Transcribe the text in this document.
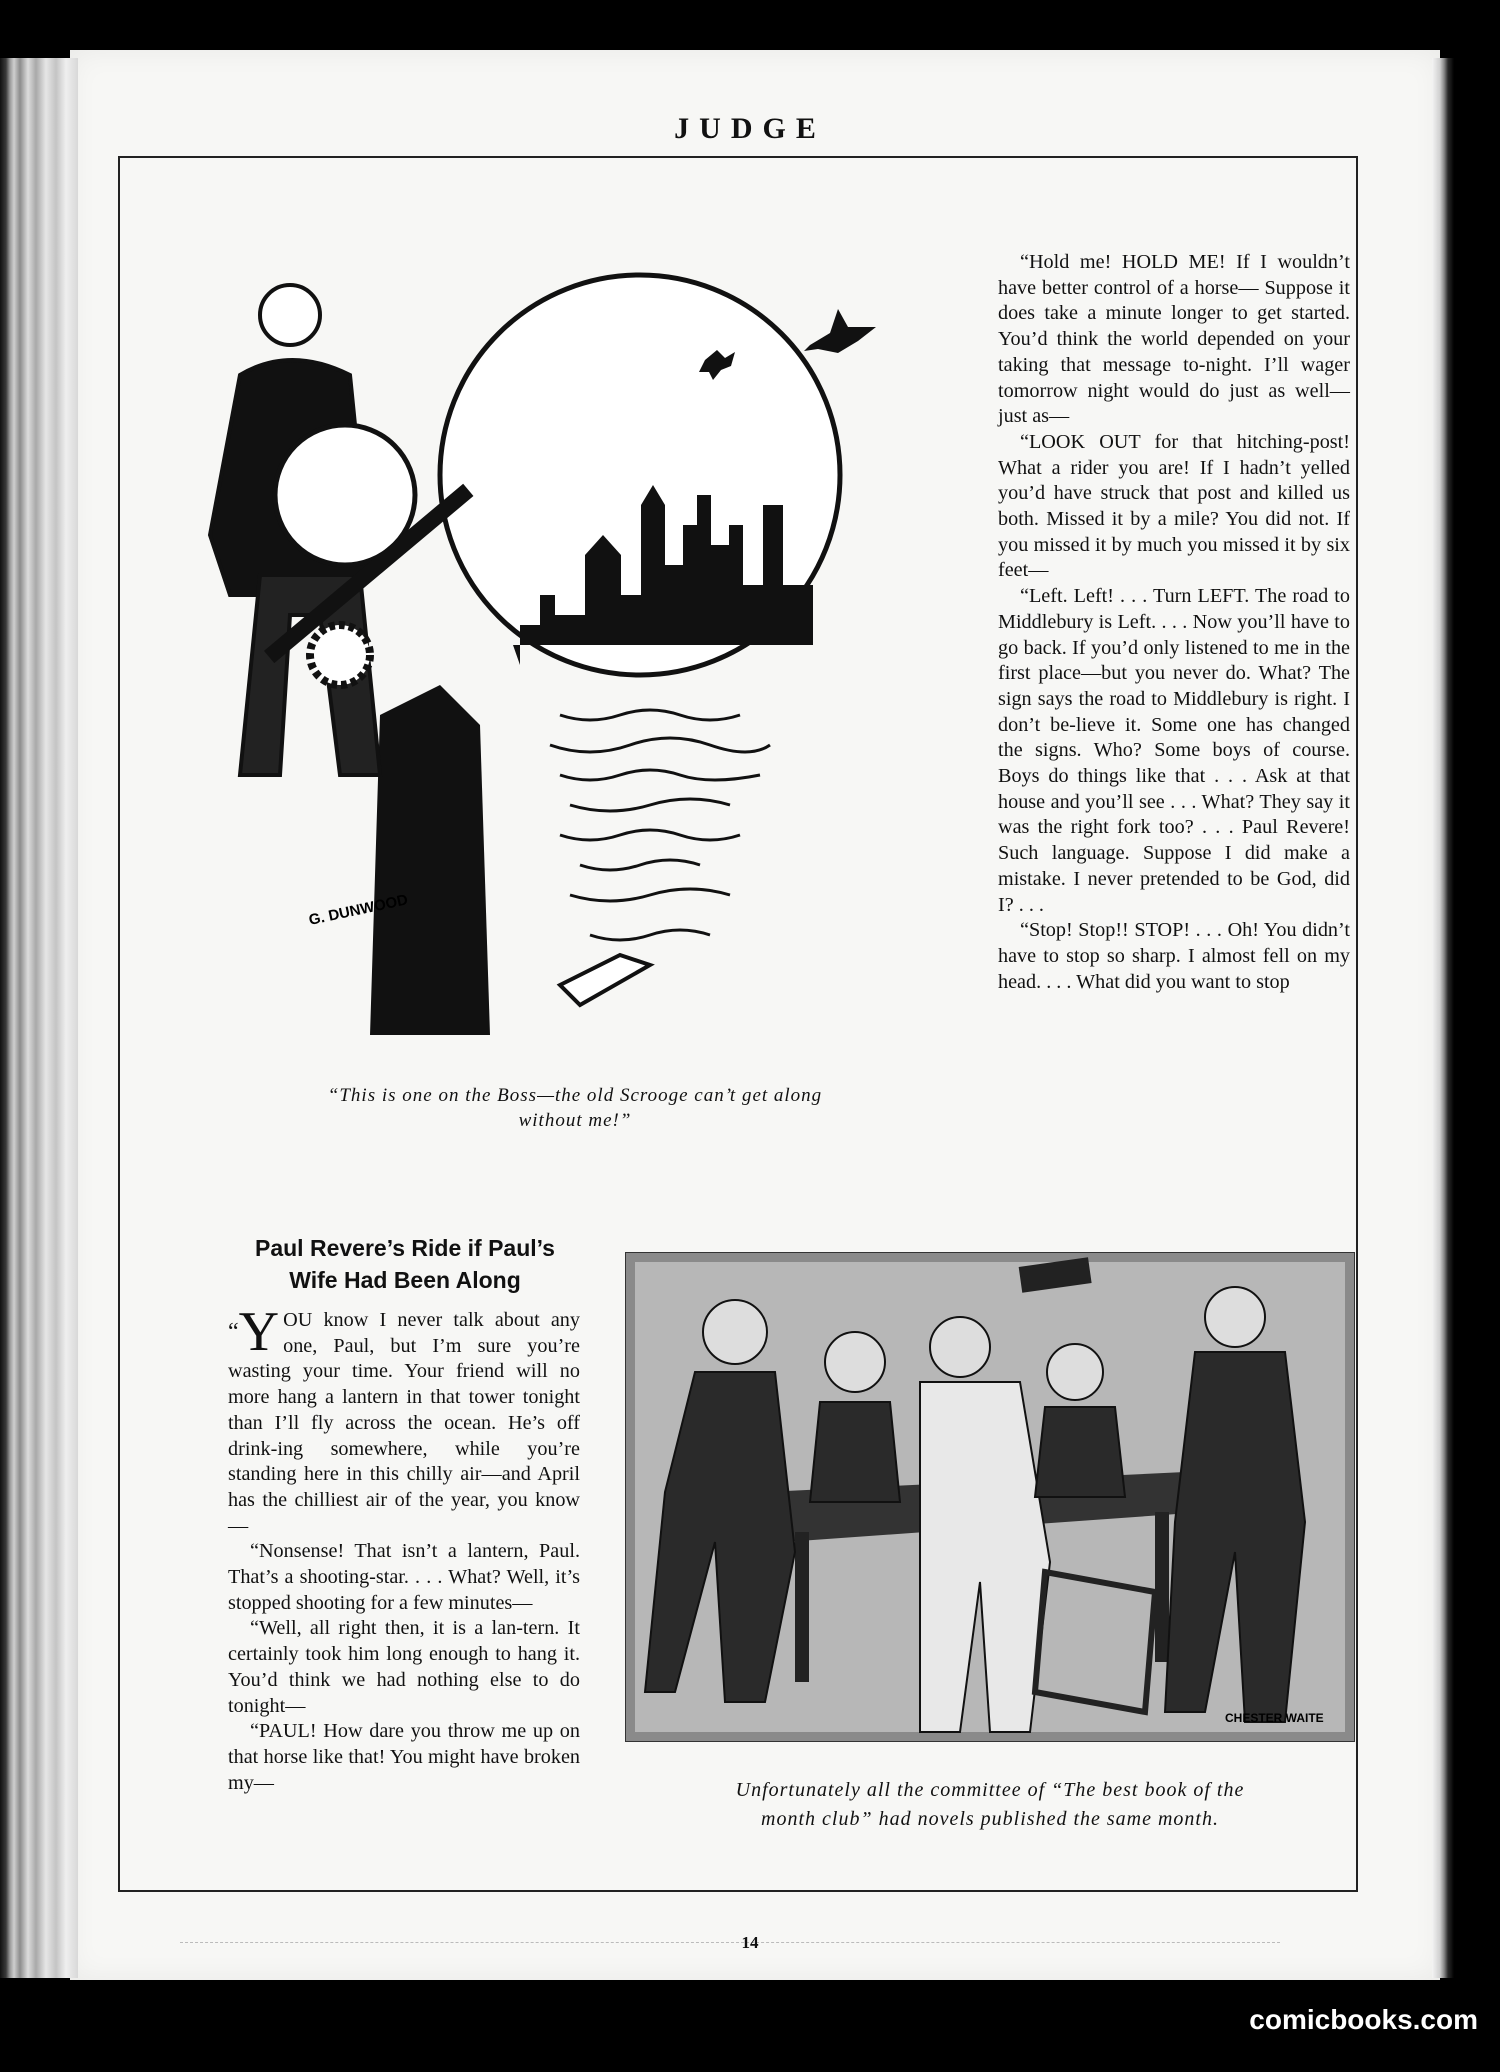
JUDGE
G. DUNWOOD
“This is one on the Boss—the old Scrooge can’t get along
without me!”

“Hold me! HOLD ME! If I wouldn’t have better control of a horse— Suppose it does take a minute longer to get started. You’d think the world depended on your taking that message to-night. I’ll wager tomorrow night would do just as well—just as—

“LOOK OUT for that hitching-post! What a rider you are! If I hadn’t yelled you’d have struck that post and killed us both. Missed it by a mile? You did not. If you missed it by much you missed it by six feet—

“Left. Left! . . . Turn LEFT. The road to Middlebury is Left. . . . Now you’ll have to go back. If you’d only listened to me in the first place—but you never do. What? The sign says the road to Middlebury is right. I don’t be-lieve it. Some one has changed the signs. Who? Some boys of course. Boys do things like that . . . Ask at that house and you’ll see . . . What? They say it was the right fork too? . . . Paul Revere! Such language. Suppose I did make a mistake. I never pretended to be God, did I? . . .

“Stop! Stop!! STOP! . . . Oh! You didn’t have to stop so sharp. I almost fell on my head. . . . What did you want to stop

Paul Revere’s Ride if Paul’s
Wife Had Been Along

“Y OU know I never talk about any one, Paul, but I’m sure you’re wasting your time. Your friend will no more hang a lantern in that tower tonight than I’ll fly across the ocean. He’s off drink-ing somewhere, while you’re standing here in this chilly air—and April has the chilliest air of the year, you know—

“Nonsense! That isn’t a lantern, Paul. That’s a shooting-star. . . . What? Well, it’s stopped shooting for a few minutes—

“Well, all right then, it is a lan-tern. It certainly took him long enough to hang it. You’d think we had nothing else to do tonight—

“PAUL! How dare you throw me up on that horse like that! You might have broken my—

CHESTER WAITE
Unfortunately all the committee of “The best book of the
month club” had novels published the same month.
14
comicbooks.com
